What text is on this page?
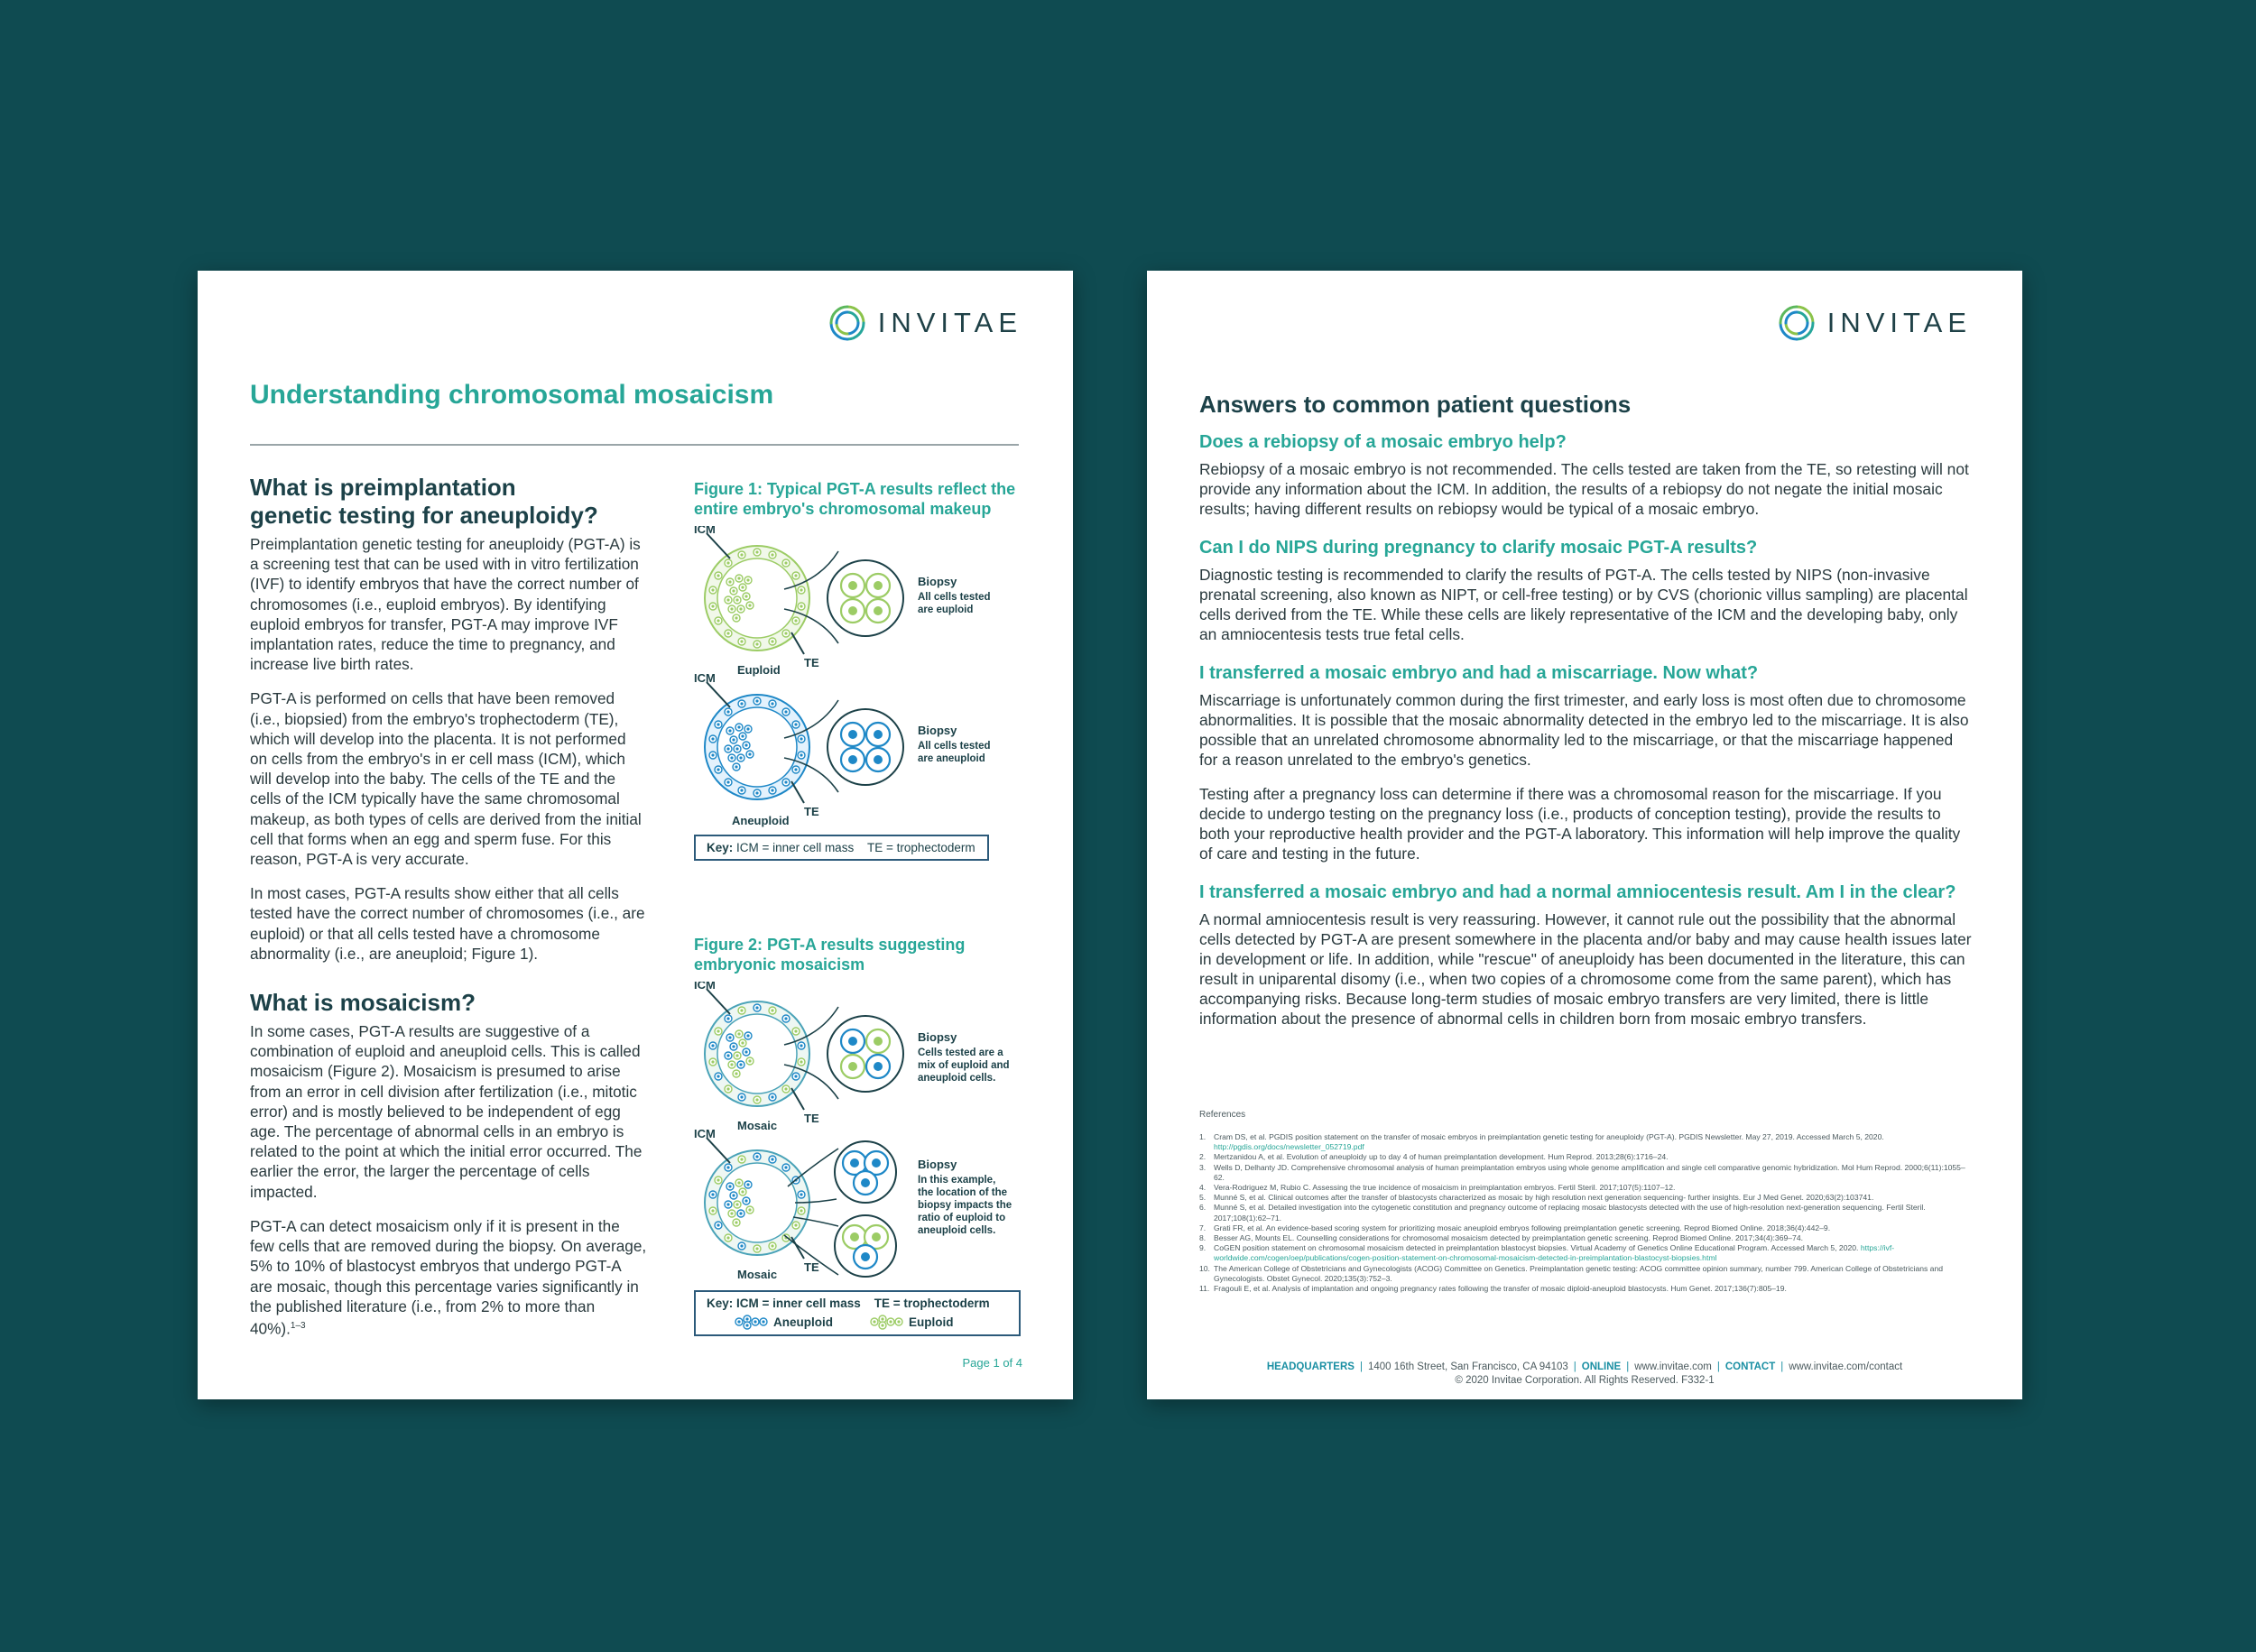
INVITAE
Understanding chromosomal mosaicism
What is preimplantation
genetic testing for aneuploidy?

Preimplantation genetic testing for aneuploidy (PGT-A) is a screening test that can be used with in vitro fertilization (IVF) to identify embryos that have the correct number of chromosomes (i.e., euploid embryos). By identifying euploid embryos for transfer, PGT-A may improve IVF implantation rates, reduce the time to pregnancy, and increase live birth rates.

PGT-A is performed on cells that have been removed (i.e., biopsied) from the embryo's trophectoderm (TE), which will develop into the placenta. It is not performed on cells from the embryo's in er cell mass (ICM), which will develop into the baby. The cells of the TE and the cells of the ICM typically have the same chromosomal makeup, as both types of cells are derived from the initial cell that forms when an egg and sperm fuse. For this reason, PGT-A is very accurate.

In most cases, PGT-A results show either that all cells tested have the correct number of chromosomes (i.e., are euploid) or that all cells tested have a chromosome abnormality (i.e., are aneuploid; Figure 1).

What is mosaicism?

In some cases, PGT-A results are suggestive of a combination of euploid and aneuploid cells. This is called mosaicism (Figure 2). Mosaicism is presumed to arise from an error in cell division after fertilization (i.e., mitotic error) and is mostly believed to be independent of egg age. The percentage of abnormal cells in an embryo is related to the point at which the initial error occurred. The earlier the error, the larger the percentage of cells impacted.

PGT-A can detect mosaicism only if it is present in the few cells that are removed during the biopsy. On average, 5% to 10% of blastocyst embryos that undergo PGT-A are mosaic, though this percentage varies significantly in the published literature (i.e., from 2% to more than 40%).$^{1-3}$

Figure 1: Typical PGT-A results reflect the
entire embryo's chromosomal makeup
ICM
TE
Euploid
Biopsy
All cells tested
are euploid
ICM
TE
Aneuploid
Biopsy
All cells tested
are aneuploid
Key: ICM = inner cell mass TE = trophectoderm
Figure 2: PGT-A results suggesting
embryonic mosaicism
ICM
TE
Mosaic
Biopsy
Cells tested are a
mix of euploid and
aneuploid cells.
ICM
TE
Mosaic
Biopsy
In this example,
the location of the
biopsy impacts the
ratio of euploid to
aneuploid cells.
Key: ICM = inner cell mass TE = trophectoderm
Aneuploid	Euploid
Page 1 of 4
INVITAE
Answers to common patient questions
Does a rebiopsy of a mosaic embryo help?

Rebiopsy of a mosaic embryo is not recommended. The cells tested are taken from the TE, so retesting will not provide any information about the ICM. In addition, the results of a rebiopsy do not negate the initial mosaic results; having different results on rebiopsy would be typical of a mosaic embryo.

Can I do NIPS during pregnancy to clarify mosaic PGT-A results?

Diagnostic testing is recommended to clarify the results of PGT-A. The cells tested by NIPS (non-invasive prenatal screening, also known as NIPT, or cell-free testing) or by CVS (chorionic villus sampling) are placental cells derived from the TE. While these cells are likely representative of the ICM and the developing baby, only an amniocentesis tests true fetal cells.

I transferred a mosaic embryo and had a miscarriage. Now what?

Miscarriage is unfortunately common during the first trimester, and early loss is most often due to chromosome abnormalities. It is possible that the mosaic abnormality detected in the embryo led to the miscarriage. It is also possible that an unrelated chromosome abnormality led to the miscarriage, or that the miscarriage happened for a reason unrelated to the embryo's genetics.

Testing after a pregnancy loss can determine if there was a chromosomal reason for the miscarriage. If you decide to undergo testing on the pregnancy loss (i.e., products of conception testing), provide the results to both your reproductive health provider and the PGT-A laboratory. This information will help improve the quality of care and testing in the future.

I transferred a mosaic embryo and had a normal amniocentesis result. Am I in the clear?

A normal amniocentesis result is very reassuring. However, it cannot rule out the possibility that the abnormal cells detected by PGT-A are present somewhere in the placenta and/or baby and may cause health issues later in development or life. In addition, while "rescue" of aneuploidy has been documented in the literature, this can result in uniparental disomy (i.e., when two copies of a chromosome come from the same parent), which has accompanying risks. Because long-term studies of mosaic embryo transfers are very limited, there is little information about the presence of abnormal cells in children born from mosaic embryo transfers.

References
1.	Cram DS, et al. PGDIS position statement on the transfer of mosaic embryos in preimplantation genetic testing for aneuploidy (PGT-A). PGDIS Newsletter. May 27, 2019. Accessed March 5, 2020. http://pgdis.org/docs/newsletter_052719.pdf
2.	Mertzanidou A, et al. Evolution of aneuploidy up to day 4 of human preimplantation development. Hum Reprod. 2013;28(6):1716–24.
3.	Wells D, Delhanty JD. Comprehensive chromosomal analysis of human preimplantation embryos using whole genome amplification and single cell comparative genomic hybridization. Mol Hum Reprod. 2000;6(11):1055–62.
4.	Vera-Rodriguez M, Rubio C. Assessing the true incidence of mosaicism in preimplantation embryos. Fertil Steril. 2017;107(5):1107–12.
5.	Munné S, et al. Clinical outcomes after the transfer of blastocysts characterized as mosaic by high resolution next generation sequencing- further insights. Eur J Med Genet. 2020;63(2):103741.
6.	Munné S, et al. Detailed investigation into the cytogenetic constitution and pregnancy outcome of replacing mosaic blastocysts detected with the use of high-resolution next-generation sequencing. Fertil Steril. 2017;108(1):62–71.
7.	Grati FR, et al. An evidence-based scoring system for prioritizing mosaic aneuploid embryos following preimplantation genetic screening. Reprod Biomed Online. 2018;36(4):442–9.
8.	Besser AG, Mounts EL. Counselling considerations for chromosomal mosaicism detected by preimplantation genetic screening. Reprod Biomed Online. 2017;34(4):369–74.
9.	CoGEN position statement on chromosomal mosaicism detected in preimplantation blastocyst biopsies. Virtual Academy of Genetics Online Educational Program. Accessed March 5, 2020. https://ivf-worldwide.com/cogen/oep/publications/cogen-position-statement-on-chromosomal-mosaicism-detected-in-preimplantation-blastocyst-biopsies.html
10. The American College of Obstetricians and Gynecologists (ACOG) Committee on Genetics. Preimplantation genetic testing: ACOG committee opinion summary, number 799. American College of Obstetricians and Gynecologists. Obstet Gynecol. 2020;135(3):752–3.
11. Fragouli E, et al. Analysis of implantation and ongoing pregnancy rates following the transfer of mosaic diploid-aneuploid blastocysts. Hum Genet. 2017;136(7):805–19.
HEADQUARTERS | 1400 16th Street, San Francisco, CA 94103 | ONLINE | www.invitae.com | CONTACT | www.invitae.com/contact
© 2020 Invitae Corporation. All Rights Reserved. F332-1
